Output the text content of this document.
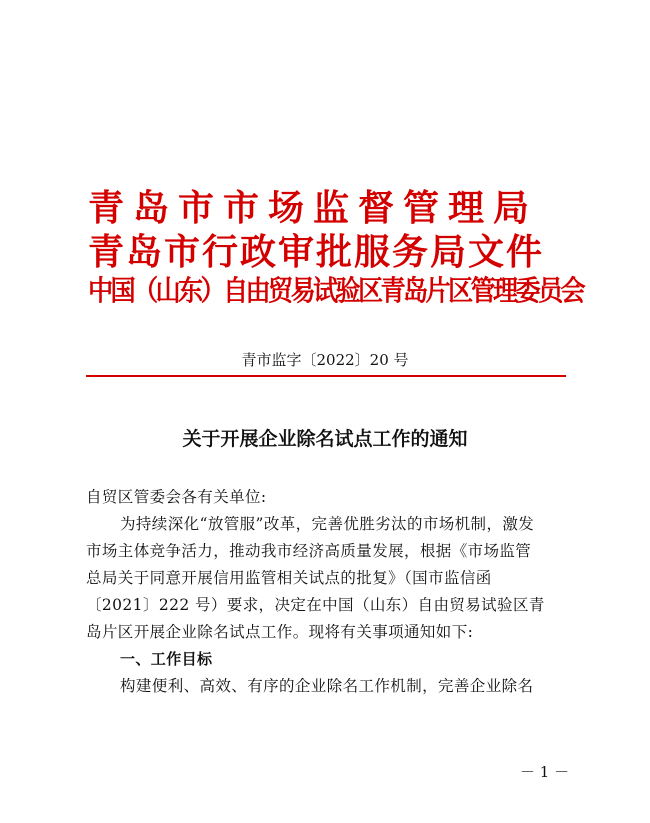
青岛市市场监督管理局
青岛市行政审批服务局文件
中国（山东）自由贸易试验区青岛片区管理委员会
青市监字〔2022〕20 号
关于开展企业除名试点工作的通知
自贸区管委会各有关单位:
为持续深化“放管服”改革，完善优胜劣汰的市场机制，激发
市场主体竞争活力，推动我市经济高质量发展，根据《市场监管
总局关于同意开展信用监管相关试点的批复》（国市监信函
〔2021〕222 号）要求，决定在中国（山东）自由贸易试验区青
岛片区开展企业除名试点工作。现将有关事项通知如下:
一、工作目标
构建便利、高效、有序的企业除名工作机制，完善企业除名
－ 1 －
